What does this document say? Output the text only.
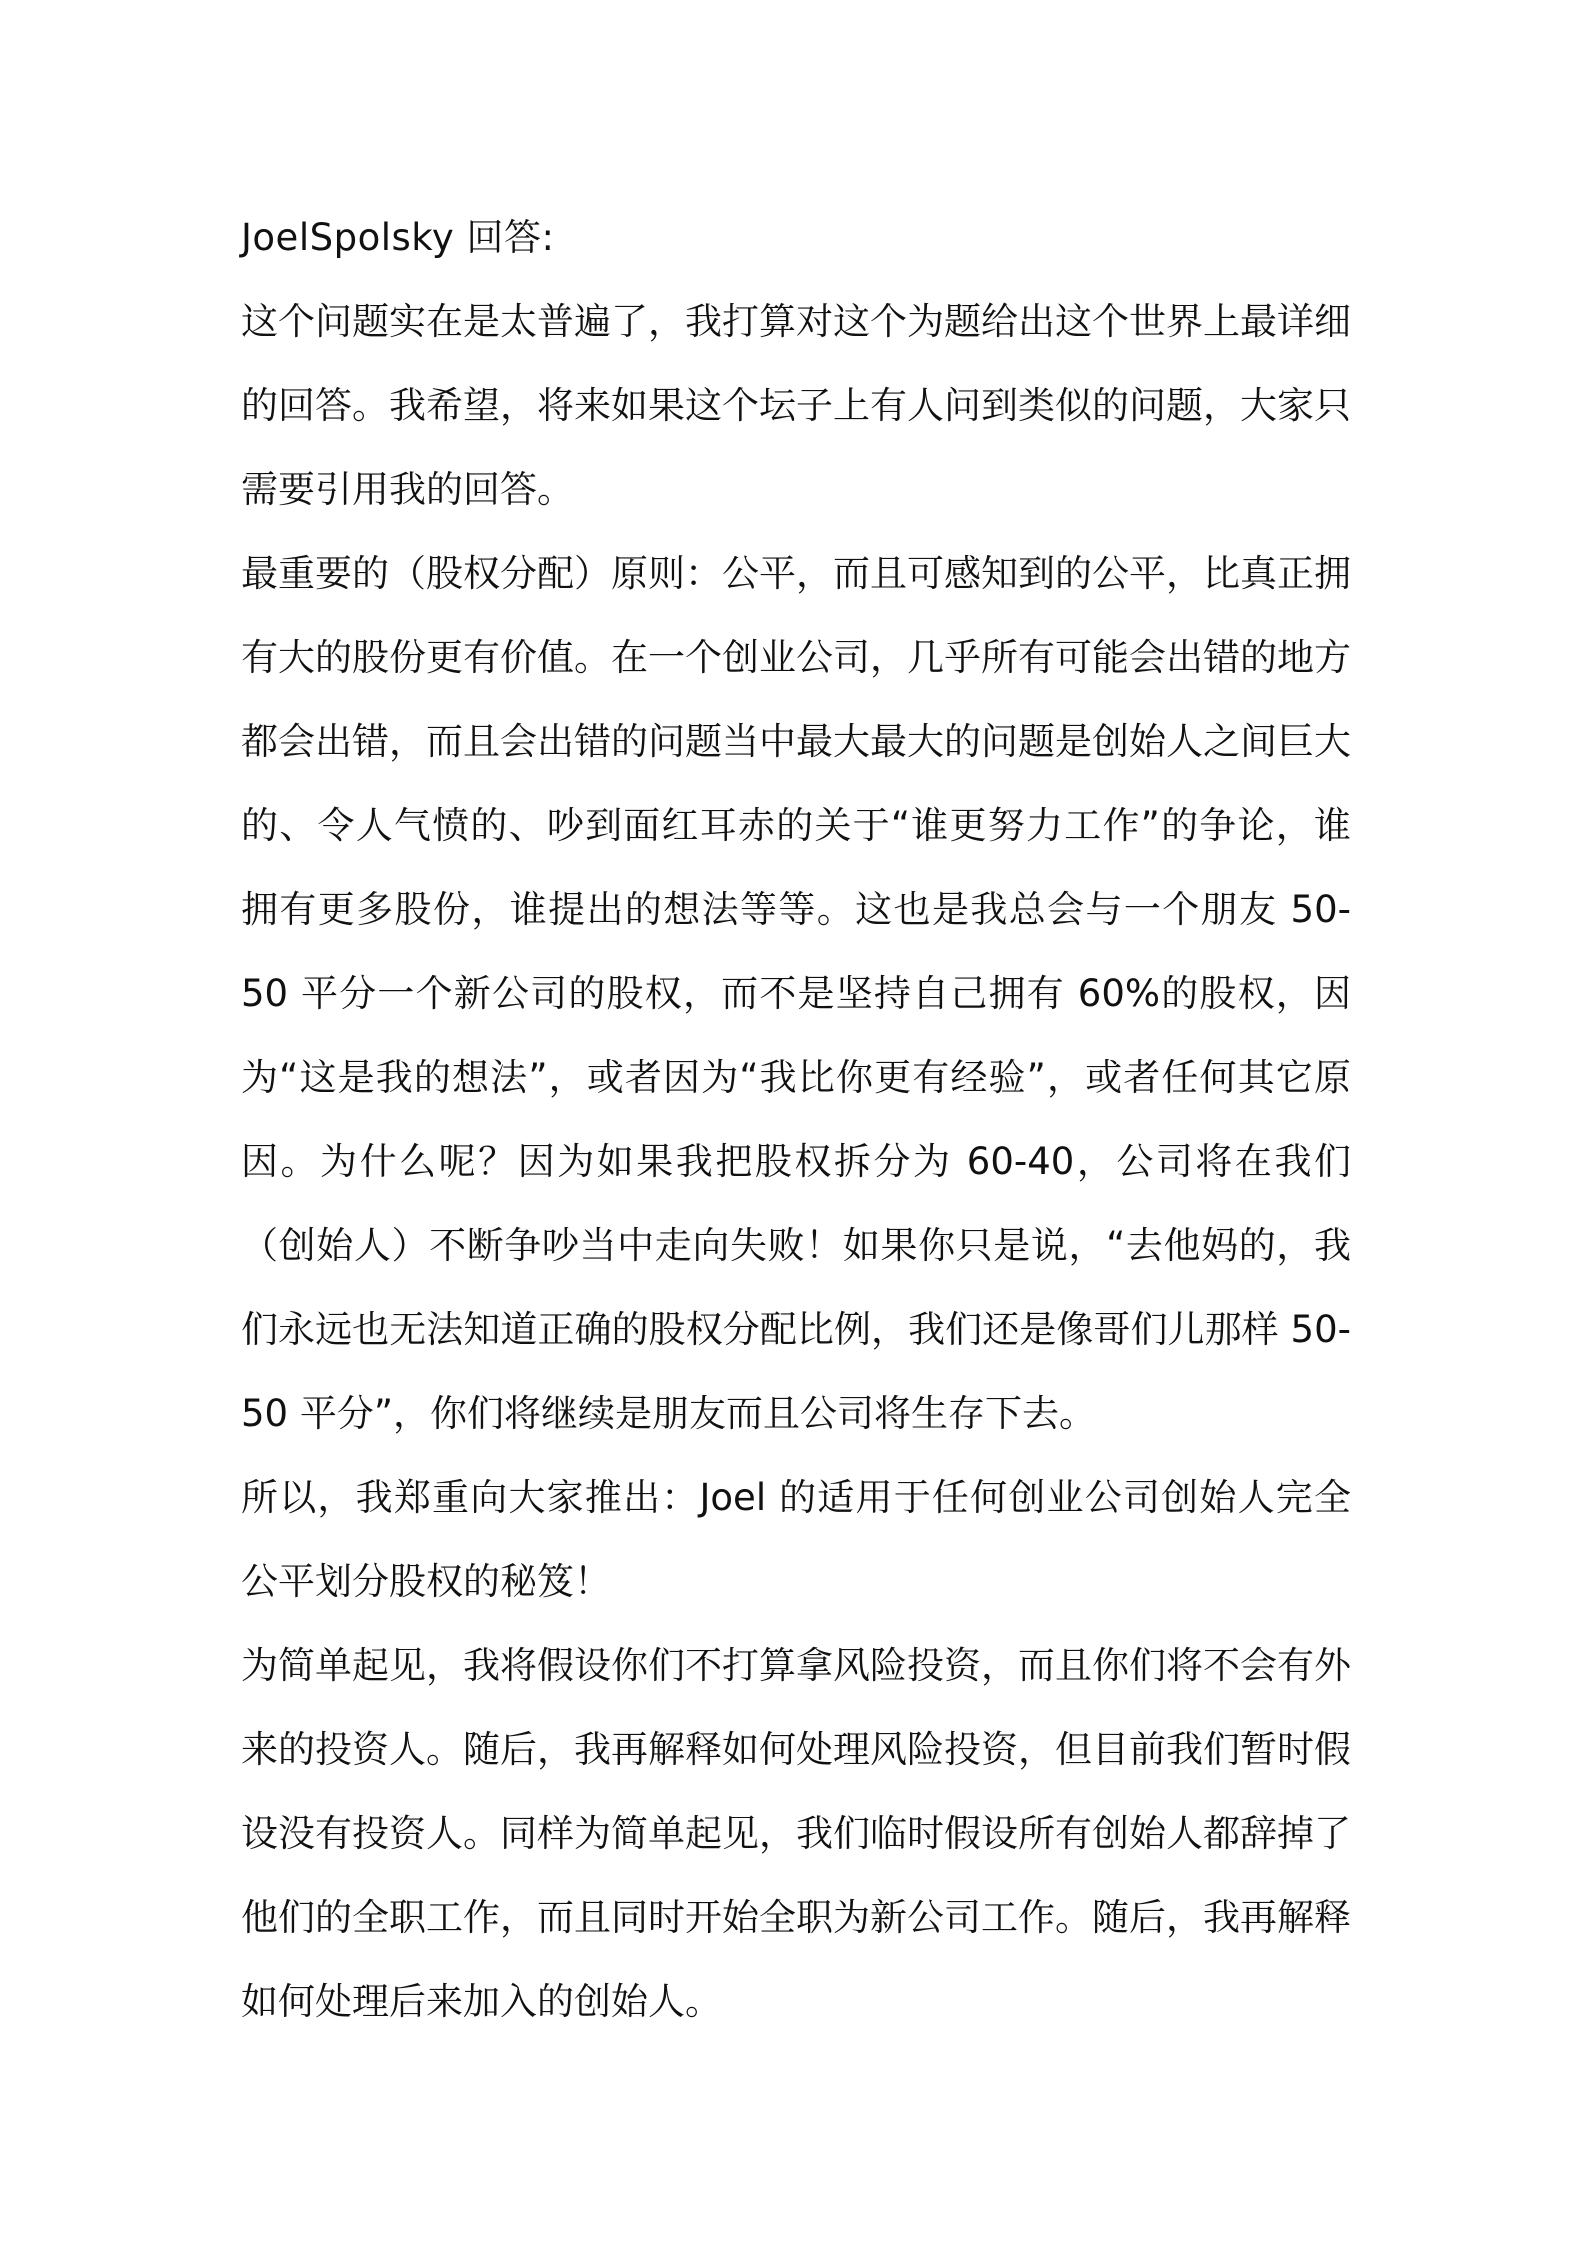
JoelSpolsky 回答:

这个问题实在是太普遍了，我打算对这个为题给出这个世界上最详细的回答。我希望，将来如果这个坛子上有人问到类似的问题，大家只需要引用我的回答。

最重要的（股权分配）原则：公平，而且可感知到的公平，比真正拥有大的股份更有价值。在一个创业公司，几乎所有可能会出错的地方都会出错，而且会出错的问题当中最大最大的问题是创始人之间巨大的、令人气愤的、吵到面红耳赤的关于“谁更努力工作”的争论，谁拥有更多股份，谁提出的想法等等。这也是我总会与一个朋友 50-50 平分一个新公司的股权，而不是坚持自己拥有 60%的股权，因为“这是我的想法”，或者因为“我比你更有经验”，或者任何其它原因。为什么呢？因为如果我把股权拆分为 60-40，公司将在我们（创始人）不断争吵当中走向失败！如果你只是说，“去他妈的，我们永远也无法知道正确的股权分配比例，我们还是像哥们儿那样 50-50 平分”，你们将继续是朋友而且公司将生存下去。

所以，我郑重向大家推出：Joel 的适用于任何创业公司创始人完全公平划分股权的秘笈！

为简单起见，我将假设你们不打算拿风险投资，而且你们将不会有外来的投资人。随后，我再解释如何处理风险投资，但目前我们暂时假设没有投资人。同样为简单起见，我们临时假设所有创始人都辞掉了他们的全职工作，而且同时开始全职为新公司工作。随后，我再解释如何处理后来加入的创始人。
